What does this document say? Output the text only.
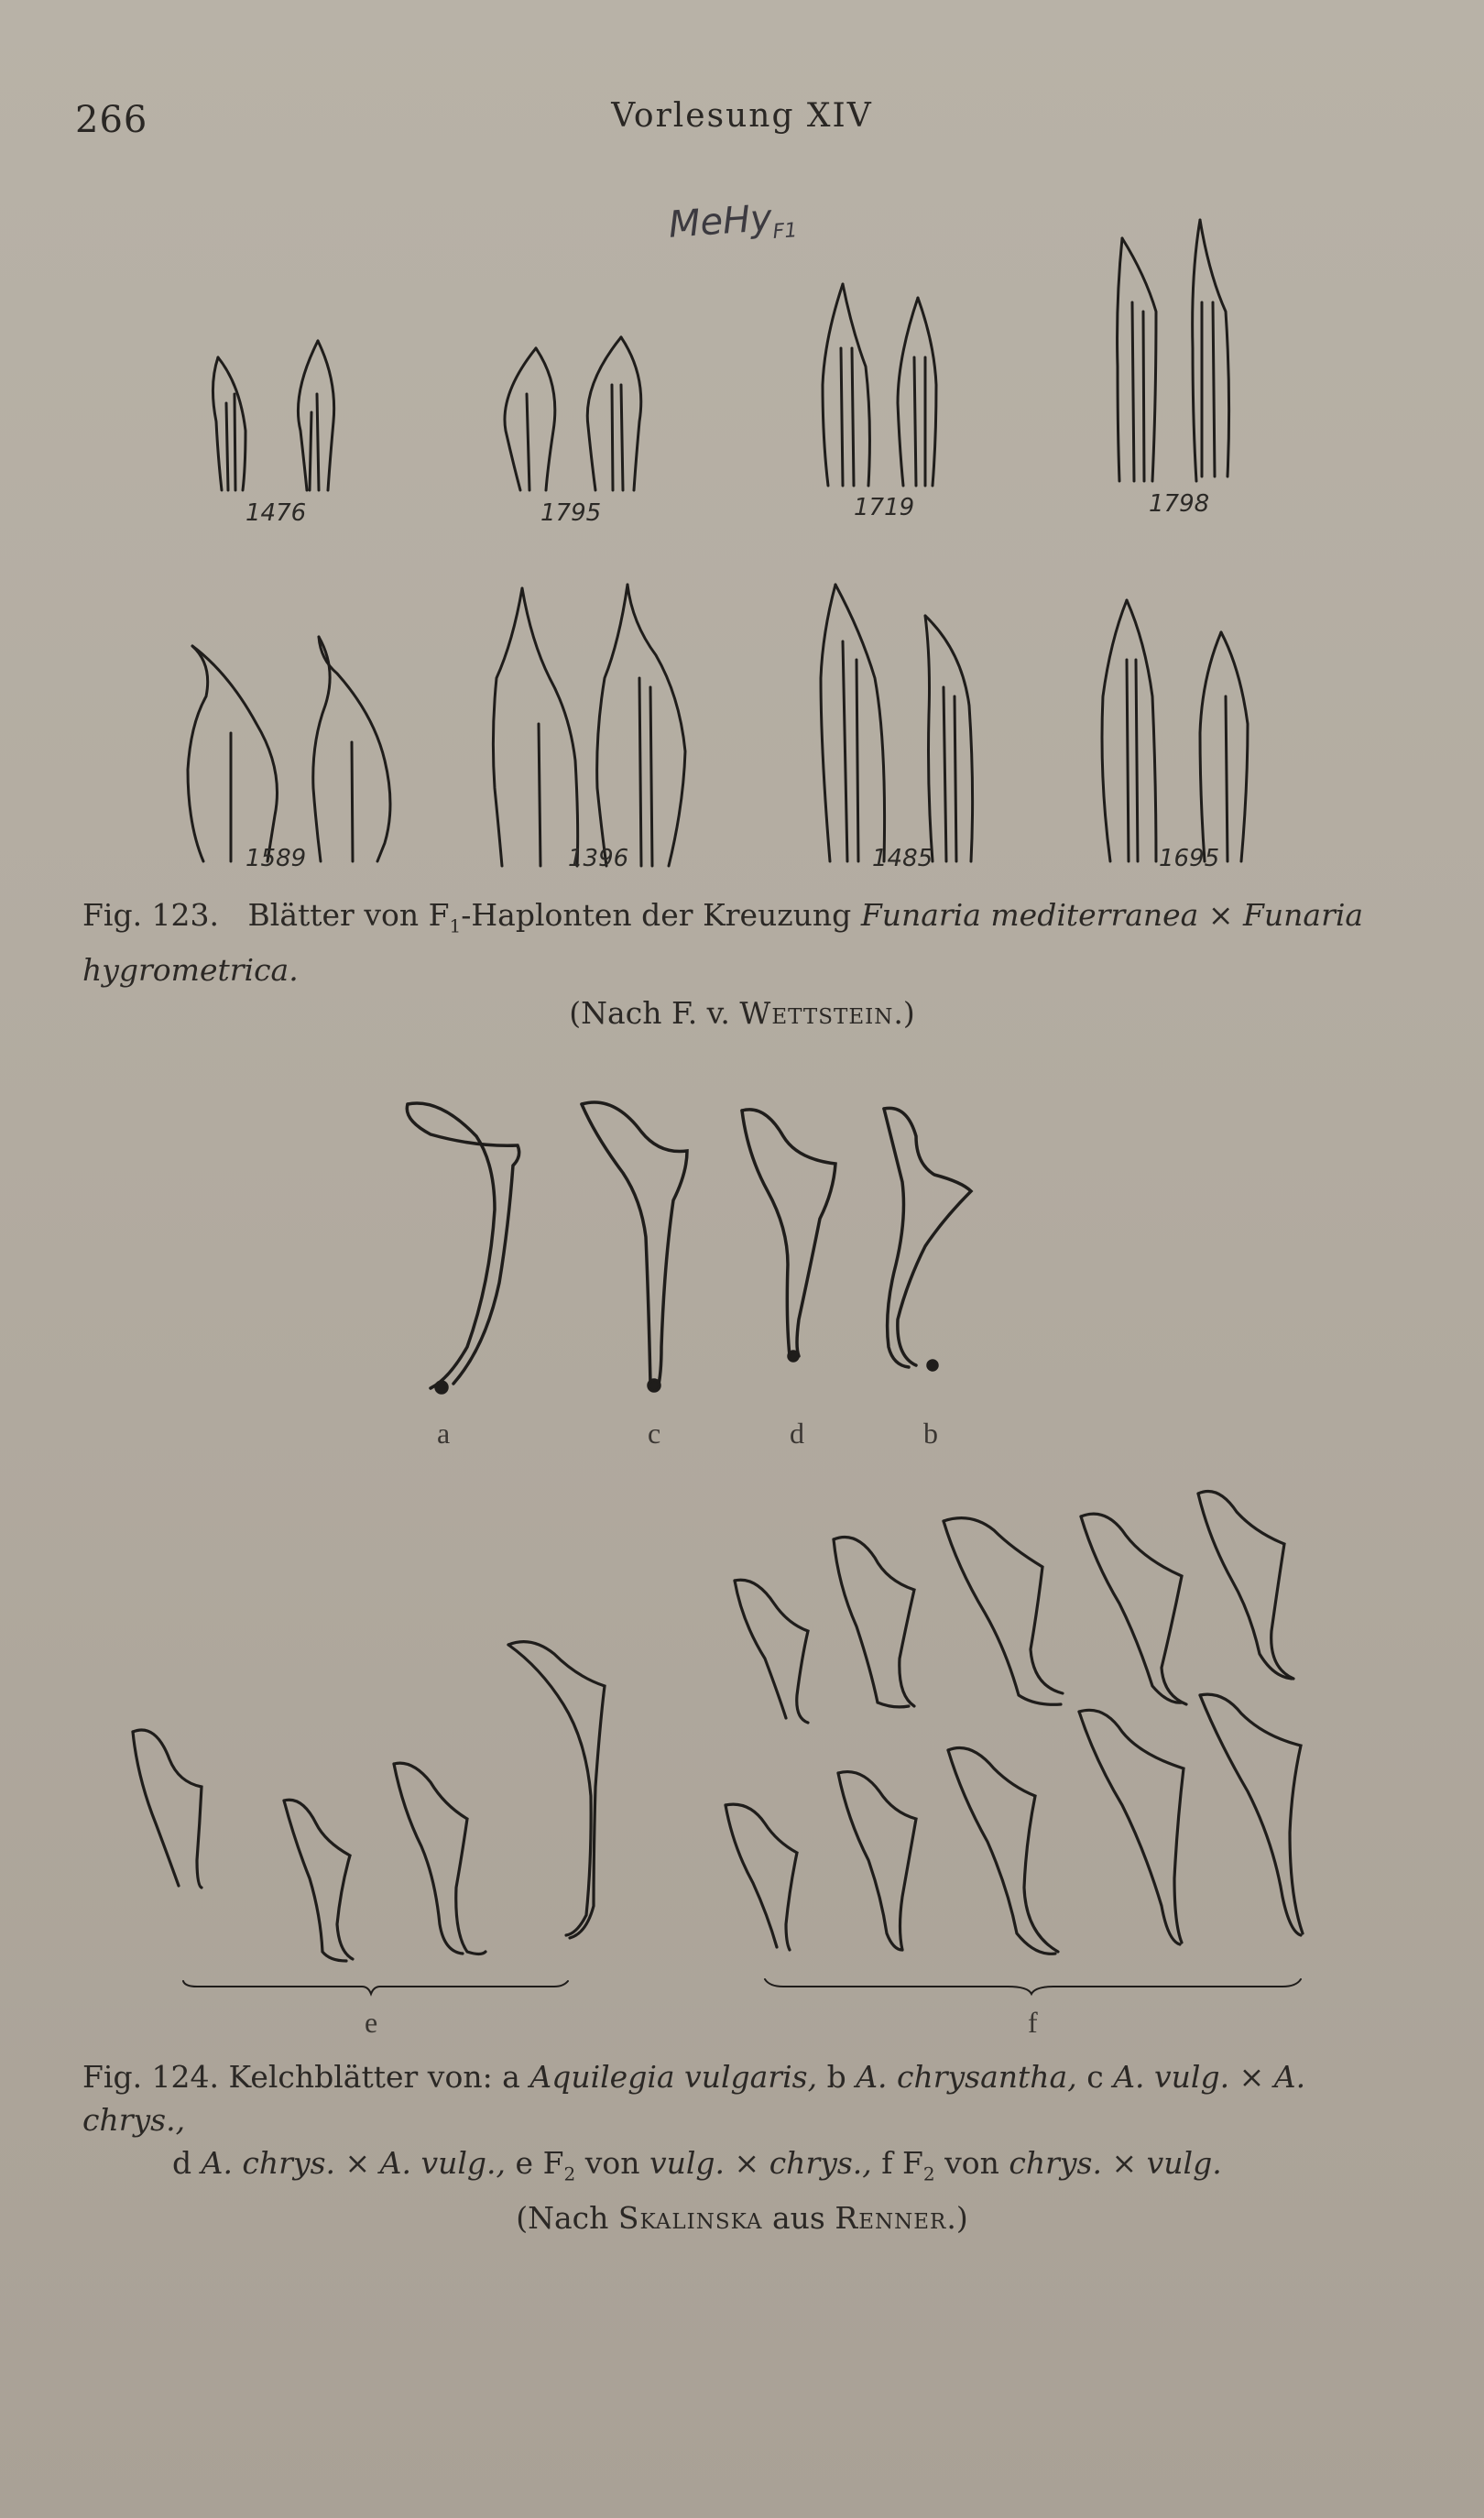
266	Vorlesung XIV
MeHy$_{F1}$
1476	1795	1719	1798
1589	1396	1485	1695
a	c	d	b
e	f
Fig. 123. Blätter von $F_1$-Haplonten der Kreuzung Funaria mediterranea × Funaria hygrometrica.
(Nach F. v. Wettstein.)
Fig. 124. Kelchblätter von: a Aquilegia vulgaris, b A. chrysantha, c A. vulg. × A. chrys.,
d A. chrys. × A. vulg., e $F_2$ von vulg. × chrys., f $F_2$ von chrys. × vulg.
(Nach Skalinska aus Renner.)
